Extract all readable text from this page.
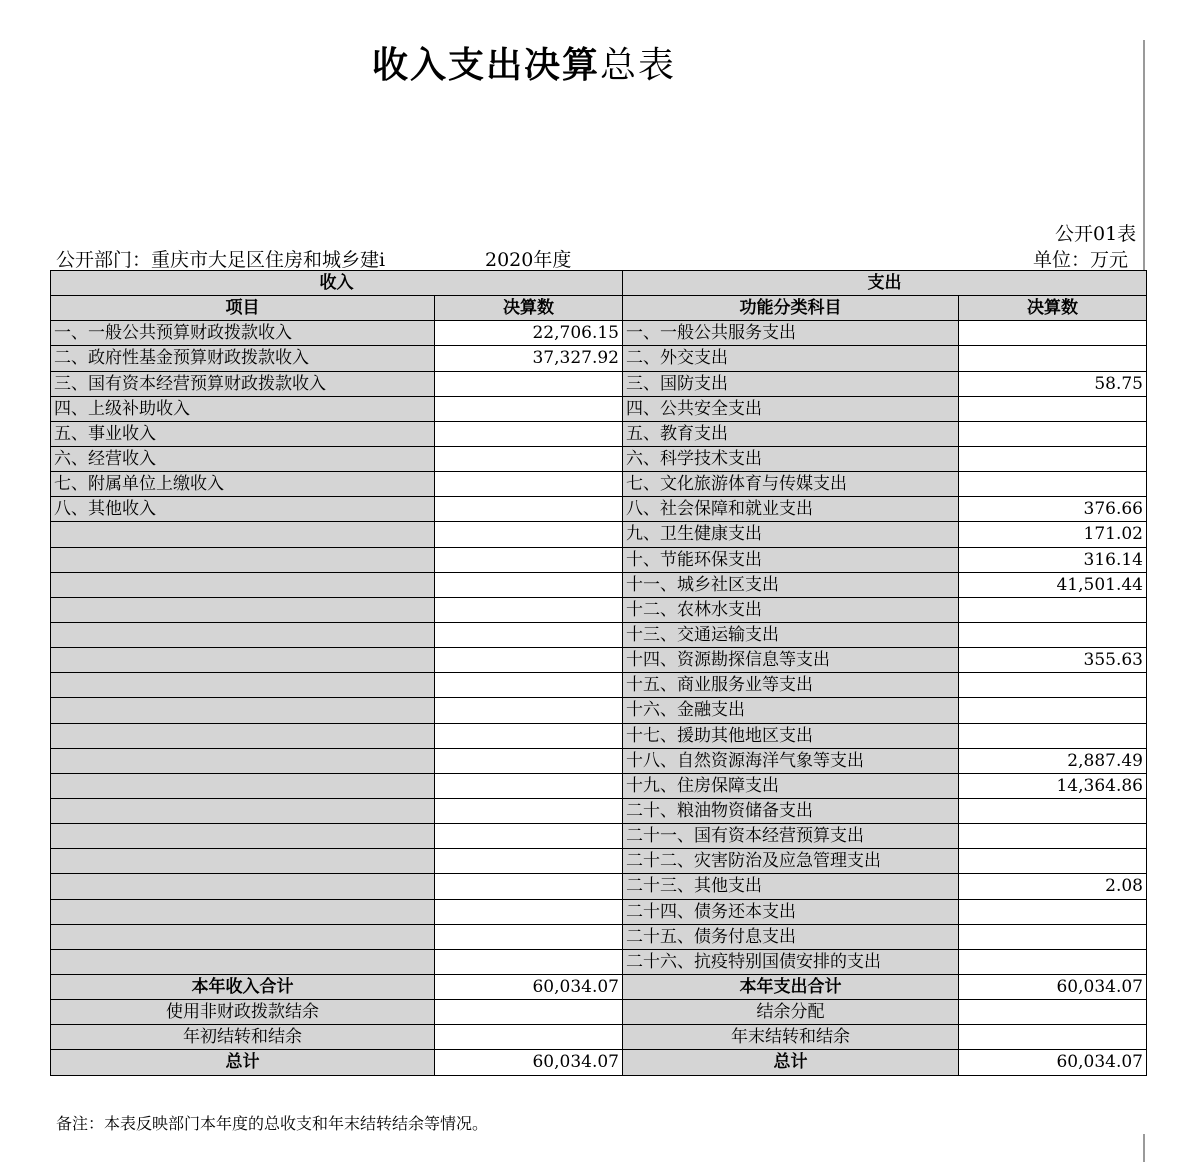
收入支出决算总表
公开01表
公开部门：重庆市大足区住房和城乡建i	2020年度	单位：万元
收入		支出	
项目	决算数	功能分类科目	决算数
一、一般公共预算财政拨款收入	22,706.15	一、一般公共服务支出	
二、政府性基金预算财政拨款收入	37,327.92	二、外交支出	
三、国有资本经营预算财政拨款收入		三、国防支出	58.75
四、上级补助收入		四、公共安全支出	
五、事业收入		五、教育支出	
六、经营收入		六、科学技术支出	
七、附属单位上缴收入		七、文化旅游体育与传媒支出	
八、其他收入		八、社会保障和就业支出	376.66
		九、卫生健康支出	171.02
		十、节能环保支出	316.14
		十一、城乡社区支出	41,501.44
		十二、农林水支出	
		十三、交通运输支出	
		十四、资源勘探信息等支出	355.63
		十五、商业服务业等支出	
		十六、金融支出	
		十七、援助其他地区支出	
		十八、自然资源海洋气象等支出	2,887.49
		十九、住房保障支出	14,364.86
		二十、粮油物资储备支出	
		二十一、国有资本经营预算支出	
		二十二、灾害防治及应急管理支出	
		二十三、其他支出	2.08
		二十四、债务还本支出	
		二十五、债务付息支出	
		二十六、抗疫特别国债安排的支出	
本年收入合计	60,034.07	本年支出合计	60,034.07
使用非财政拨款结余		结余分配	
年初结转和结余		年末结转和结余	
总计	60,034.07	总计	60,034.07
备注：本表反映部门本年度的总收支和年末结转结余等情况。
